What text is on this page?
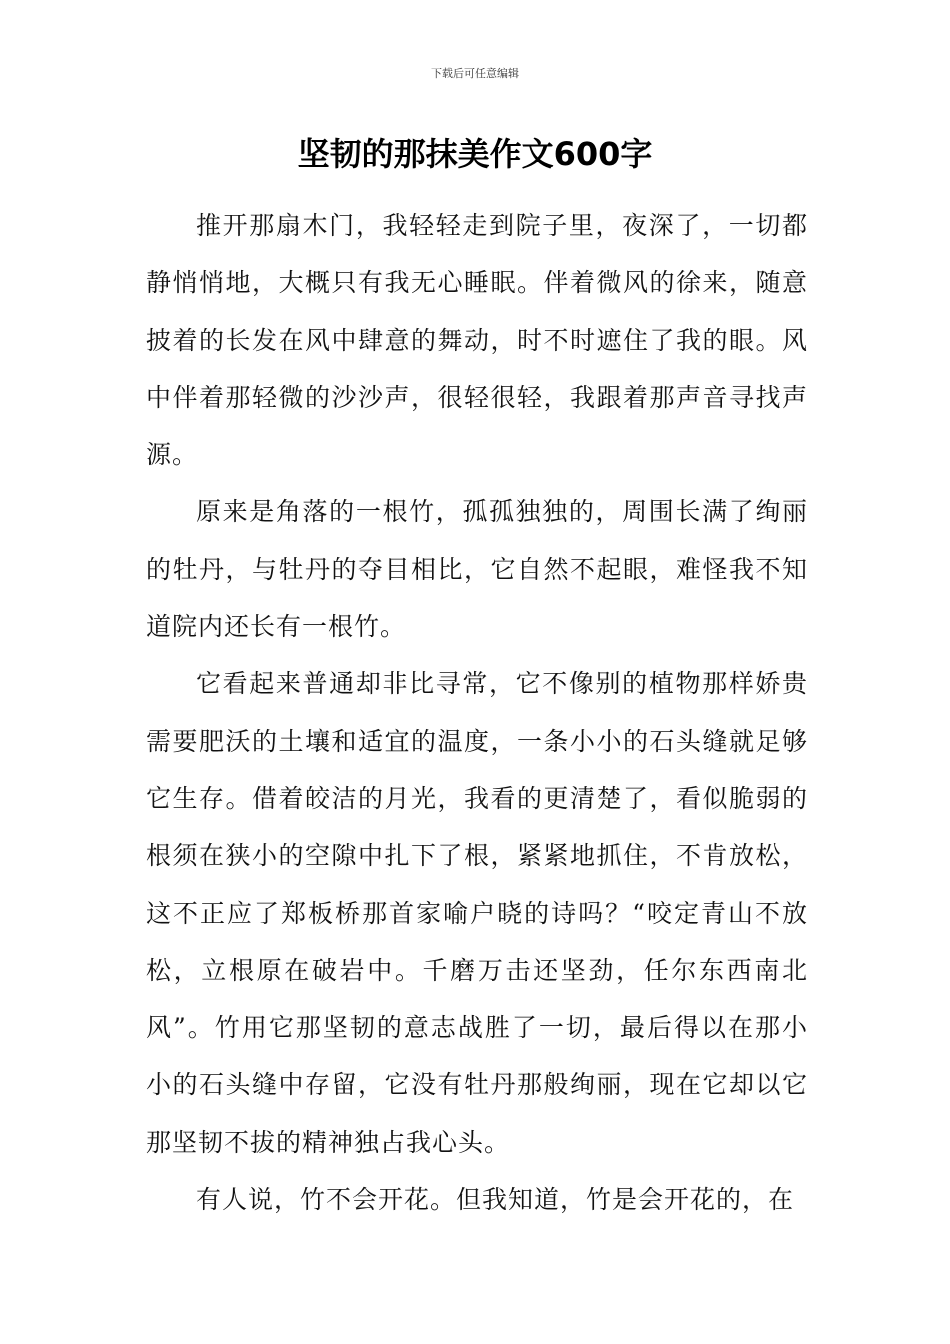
下载后可任意编辑
坚韧的那抹美作文600字

推开那扇木门，我轻轻走到院子里，夜深了，一切都静悄悄地，大概只有我无心睡眠。伴着微风的徐来，随意披着的长发在风中肆意的舞动，时不时遮住了我的眼。风中伴着那轻微的沙沙声，很轻很轻，我跟着那声音寻找声源。

原来是角落的一根竹，孤孤独独的，周围长满了绚丽的牡丹，与牡丹的夺目相比，它自然不起眼，难怪我不知道院内还长有一根竹。

它看起来普通却非比寻常，它不像别的植物那样娇贵需要肥沃的土壤和适宜的温度，一条小小的石头缝就足够它生存。借着皎洁的月光，我看的更清楚了，看似脆弱的根须在狭小的空隙中扎下了根，紧紧地抓住，不肯放松，这不正应了郑板桥那首家喻户晓的诗吗？“咬定青山不放松，立根原在破岩中。千磨万击还坚劲，任尔东西南北风”。竹用它那坚韧的意志战胜了一切，最后得以在那小小的石头缝中存留，它没有牡丹那般绚丽，现在它却以它那坚韧不拔的精神独占我心头。

有人说，竹不会开花。但我知道，竹是会开花的，在
